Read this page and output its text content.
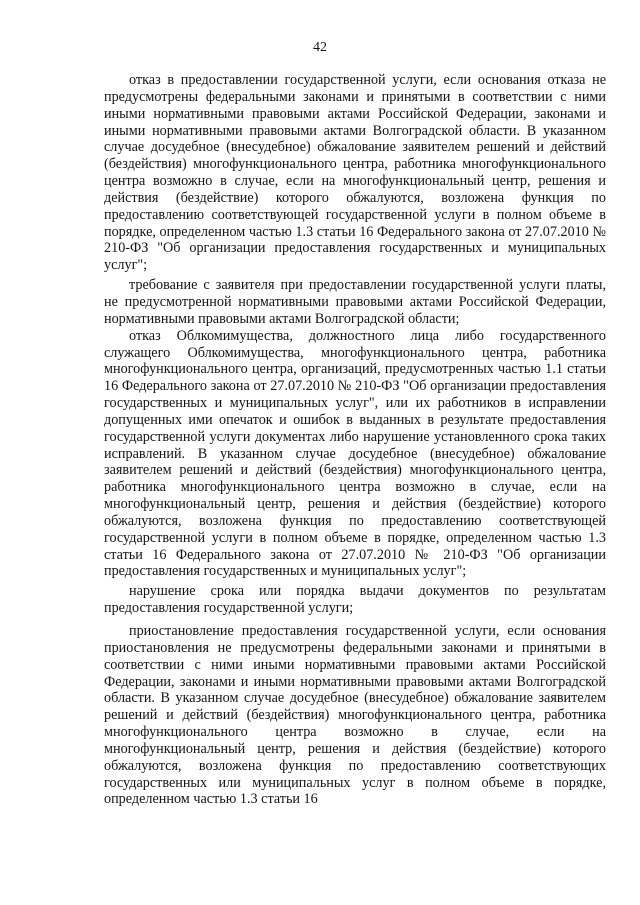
42

отказ в предоставлении государственной услуги, если основания отказа не предусмотрены федеральными законами и принятыми в соответствии с ними иными нормативными правовыми актами Российской Федерации, законами и иными нормативными правовыми актами Волгоградской области. В указанном случае досудебное (внесудебное) обжалование заявителем решений и действий (бездействия) многофункционального центра, работника многофункционального центра возможно в случае, если на многофункциональный центр, решения и действия (бездействие) которого обжалуются, возложена функция по предоставлению соответствующей государственной услуги в полном объеме в порядке, определенном частью 1.3 статьи 16 Федерального закона от 27.07.2010 № 210-ФЗ "Об организации предоставления государственных и муниципальных услуг";

требование с заявителя при предоставлении государственной услуги платы, не предусмотренной нормативными правовыми актами Российской Федерации, нормативными правовыми актами Волгоградской области;

отказ Облкомимущества, должностного лица либо государственного служащего Облкомимущества, многофункционального центра, работника многофункционального центра, организаций, предусмотренных частью 1.1 статьи 16 Федерального закона от 27.07.2010 № 210-ФЗ "Об организации предоставления государственных и муниципальных услуг", или их работников в исправлении допущенных ими опечаток и ошибок в выданных в результате предоставления государственной услуги документах либо нарушение установленного срока таких исправлений. В указанном случае досудебное (внесудебное) обжалование заявителем решений и действий (бездействия) многофункционального центра, работника многофункционального центра возможно в случае, если на многофункциональный центр, решения и действия (бездействие) которого обжалуются, возложена функция по предоставлению соответствующей государственной услуги в полном объеме в порядке, определенном частью 1.3 статьи 16 Федерального закона от 27.07.2010 № 210-ФЗ "Об организации предоставления государственных и муниципальных услуг";

нарушение срока или порядка выдачи документов по результатам предоставления государственной услуги;

приостановление предоставления государственной услуги, если основания приостановления не предусмотрены федеральными законами и принятыми в соответствии с ними иными нормативными правовыми актами Российской Федерации, законами и иными нормативными правовыми актами Волгоградской области. В указанном случае досудебное (внесудебное) обжалование заявителем решений и действий (бездействия) многофункционального центра, работника многофункционального центра возможно в случае, если на многофункциональный центр, решения и действия (бездействие) которого обжалуются, возложена функция по предоставлению соответствующих государственных или муниципальных услуг в полном объеме в порядке, определенном частью 1.3 статьи 16
